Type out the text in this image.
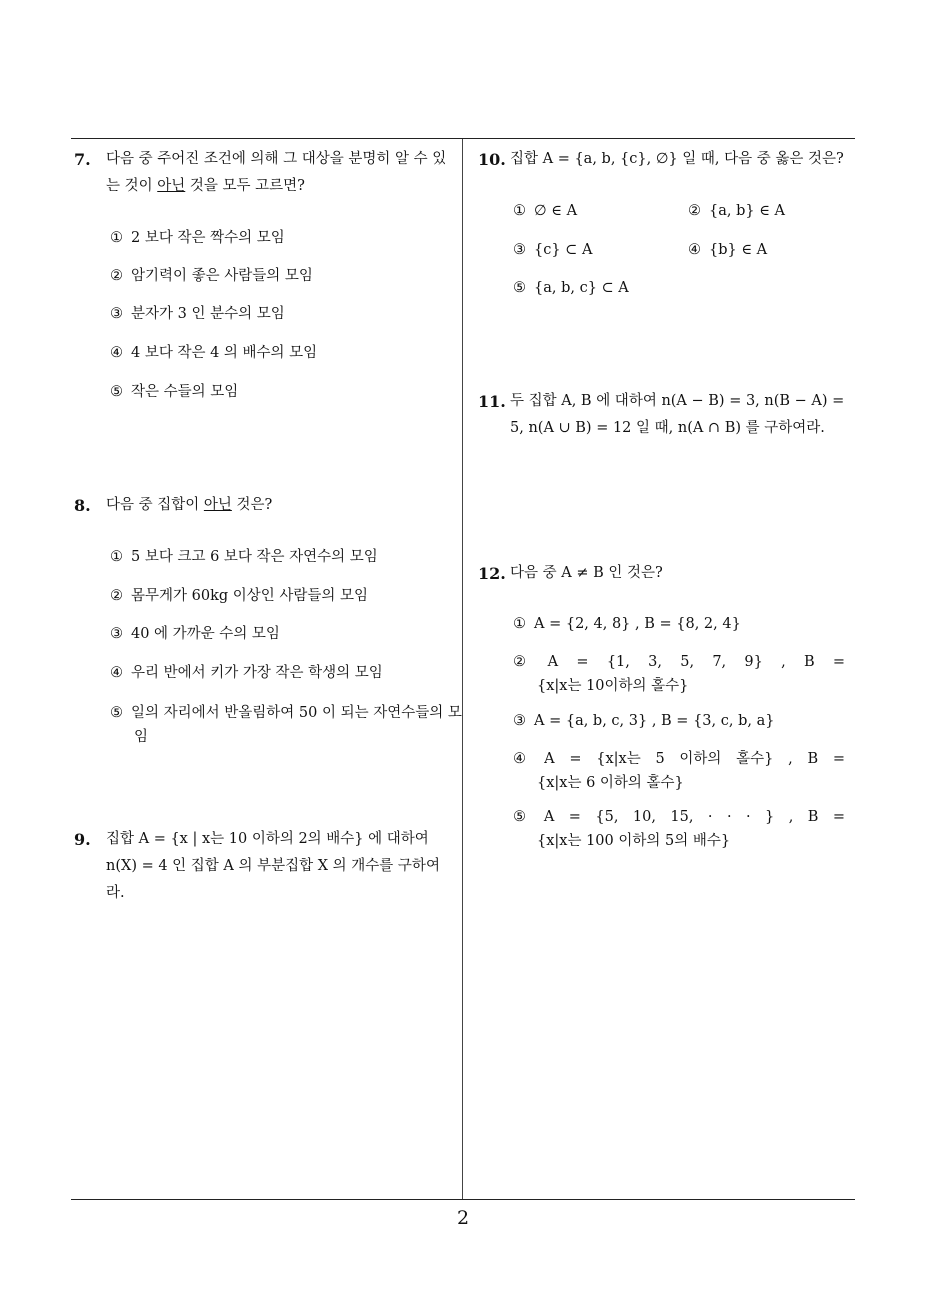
2
7. 다음 중 주어진 조건에 의해 그 대상을 분명히 알 수 있는 것이 아닌 것을 모두 고르면?
① 2 보다 작은 짝수의 모임
② 암기력이 좋은 사람들의 모임
③ 분자가 3 인 분수의 모임
④ 4 보다 작은 4 의 배수의 모임
⑤ 작은 수들의 모임
8. 다음 중 집합이 아닌 것은?
① 5 보다 크고 6 보다 작은 자연수의 모임
② 몸무게가 60kg 이상인 사람들의 모임
③ 40 에 가까운 수의 모임
④ 우리 반에서 키가 가장 작은 학생의 모임
⑤ 일의 자리에서 반올림하여 50 이 되는 자연수들의 모임
9. 집합 A = {x | x는 10 이하의 2의 배수} 에 대하여 n(X) = 4 인 집합 A 의 부분집합 X 의 개수를 구하여라.
10. 집합 A = {a, b, {c}, ∅} 일 때, 다음 중 옳은 것은?
① ∅ ∈ A	② {a, b} ∈ A
③ {c} ⊂ A	④ {b} ∈ A
⑤ {a, b, c} ⊂ A
11. 두 집합 A, B 에 대하여 n(A − B) = 3, n(B − A) = 5, n(A ∪ B) = 12 일 때, n(A ∩ B) 를 구하여라.
12. 다음 중 A ≠ B 인 것은?
① A = {2, 4, 8} , B = {8, 2, 4}
② A = {1, 3, 5, 7, 9} , B =
{x|x는 10이하의 홀수}
③ A = {a, b, c, 3} , B = {3, c, b, a}
④ A = {x|x는 5 이하의 홀수} , B =
{x|x는 6 이하의 홀수}
⑤ A = {5, 10, 15, · · · } , B =
{x|x는 100 이하의 5의 배수}
